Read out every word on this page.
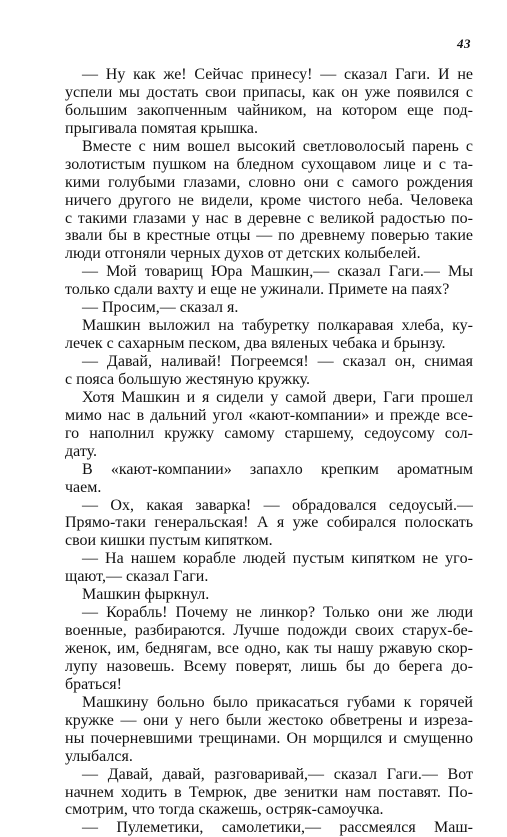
43
— Ну как же! Сейчас принесу! — сказал Гаги. И не
успели мы достать свои припасы, как он уже появился с
большим закопченным чайником, на котором еще под-
прыгивала помятая крышка.
Вместе с ним вошел высокий светловолосый парень с
золотистым пушком на бледном сухощавом лице и с та-
кими голубыми глазами, словно они с самого рождения
ничего другого не видели, кроме чистого неба. Человека
с такими глазами у нас в деревне с великой радостью по-
звали бы в крестные отцы — по древнему поверью такие
люди отгоняли черных духов от детских колыбелей.
— Мой товарищ Юра Машкин,— сказал Гаги.— Мы
только сдали вахту и еще не ужинали. Примете на паях?
— Просим,— сказал я.
Машкин выложил на табуретку полкаравая хлеба, ку-
лечек с сахарным песком, два вяленых чебака и брынзу.
— Давай, наливай! Погреемся! — сказал он, снимая
с пояса большую жестяную кружку.
Хотя Машкин и я сидели у самой двери, Гаги прошел
мимо нас в дальний угол «кают-компании» и прежде все-
го наполнил кружку самому старшему, седоусому сол-
дату.
В «кают-компании» запахло крепким ароматным
чаем.
— Ох, какая заварка! — обрадовался седоусый.—
Прямо-таки генеральская! А я уже собирался полоскать
свои кишки пустым кипятком.
— На нашем корабле людей пустым кипятком не угo-
щают,— сказал Гаги.
Машкин фыркнул.
— Корабль! Почему не линкор? Только они же люди
военные, разбираются. Лучше подожди своих старух-бе-
женок, им, беднягам, все одно, как ты нашу ржавую скор-
лупу назовешь. Всему поверят, лишь бы до берега до-
браться!
Машкину больно было прикасаться губами к горячей
кружке — они у него были жестоко обветрены и изреза-
ны почерневшими трещинами. Он морщился и смущенно
улыбался.
— Давай, давай, разговаривай,— сказал Гаги.— Вот
начнем ходить в Темрюк, две зенитки нам поставят. По-
смотрим, что тогда скажешь, остряк-самоучка.
— Пулеметики, самолетики,— рассмеялся Маш-
